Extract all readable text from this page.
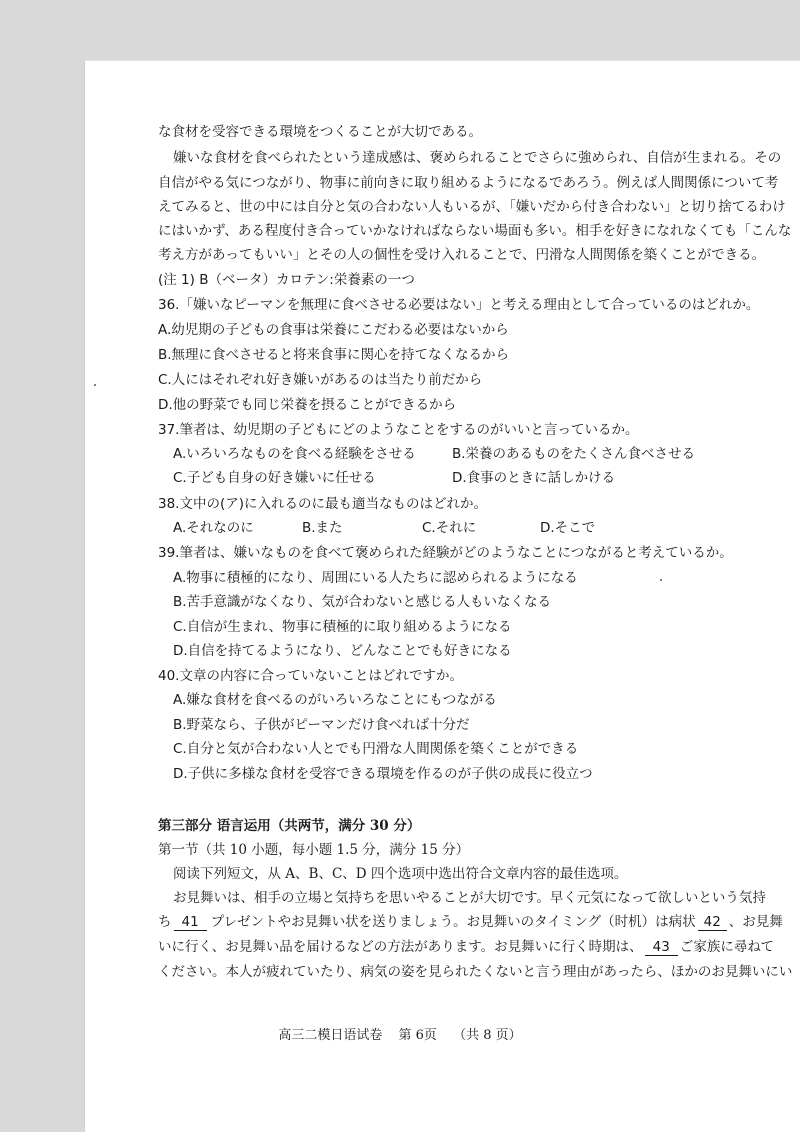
な食材を受容できる環境をつくることが大切である。
嫌いな食材を食べられたという達成感は、褒められることでさらに強められ、自信が生まれる。その
自信がやる気につながり、物事に前向きに取り組めるようになるであろう。例えば人間関係について考
えてみると、世の中には自分と気の合わない人もいるが、「嫌いだから付き合わない」と切り捨てるわけ
にはいかず、ある程度付き合っていかなければならない場面も多い。相手を好きになれなくても「こんな
考え方があってもいい」とその人の個性を受け入れることで、円滑な人間関係を築くことができる。
(注 1) Β（ベータ）カロテン:栄養素の一つ
36.「嫌いなピーマンを無理に食べさせる必要はない」と考える理由として合っているのはどれか。
A.幼児期の子どもの食事は栄養にこだわる必要はないから
B.無理に食べさせると将来食事に関心を持てなくなるから
C.人にはそれぞれ好き嫌いがあるのは当たり前だから
D.他の野菜でも同じ栄養を摂ることができるから
37.筆者は、幼児期の子どもにどのようなことをするのがいいと言っているか。
A.いろいろなものを食べる経験をさせる	B.栄養のあるものをたくさん食べさせる
C.子ども自身の好き嫌いに任せる	D.食事のときに話しかける
38.文中の(ア)に入れるのに最も適当なものはどれか。
A.それなのに	B.また	C.それに	D.そこで
39.筆者は、嫌いなものを食べて褒められた経験がどのようなことにつながると考えているか。
A.物事に積極的になり、周囲にいる人たちに認められるようになる
B.苦手意識がなくなり、気が合わないと感じる人もいなくなる
C.自信が生まれ、物事に積極的に取り組めるようになる
D.自信を持てるようになり、どんなことでも好きになる
40.文章の内容に合っていないことはどれですか。
A.嫌な食材を食べるのがいろいろなことにもつながる
B.野菜なら、子供がピーマンだけ食べれば十分だ
C.自分と気が合わない人とでも円滑な人間関係を築くことができる
D.子供に多様な食材を受容できる環境を作るのが子供の成長に役立つ
第三部分 语言运用（共两节，满分 30 分）
第一节（共 10 小题，每小题 1.5 分，满分 15 分）
阅读下列短文，从 A、B、C、D 四个选项中选出符合文章内容的最佳选项。
お見舞いは、相手の立場と気持ちを思いやることが大切です。早く元気になって欲しいという気持
ち 41 プレゼントやお見舞い状を送りましょう。お見舞いのタイミング（时机）は病状 42 、お見舞
いに行く、お見舞い品を届けるなどの方法があります。お見舞いに行く時期は、 43 ご家族に尋ねて
ください。本人が疲れていたり、病気の姿を見られたくないと言う理由があったら、ほかのお見舞いにい
高三二模日语试卷 第 6页 （共 8 页）
